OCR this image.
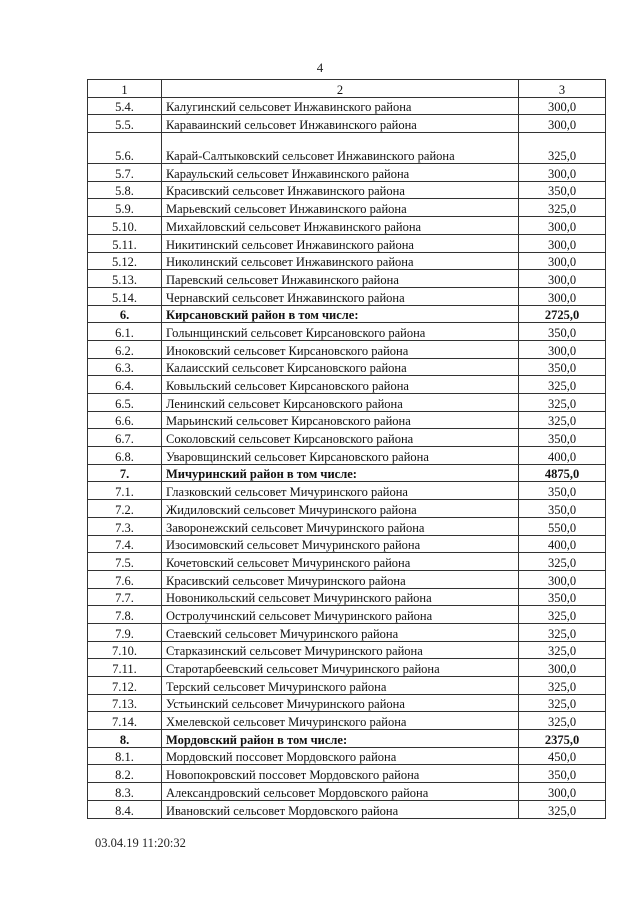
4
1	2	3
5.4.	Калугинский сельсовет Инжавинского района	300,0
5.5.	Караваинский сельсовет Инжавинского района	300,0
5.6.	Карай-Салтыковский сельсовет Инжавинского района	325,0
5.7.	Караульский сельсовет Инжавинского района	300,0
5.8.	Красивский сельсовет Инжавинского района	350,0
5.9.	Марьевский сельсовет Инжавинского района	325,0
5.10.	Михайловский сельсовет Инжавинского района	300,0
5.11.	Никитинский сельсовет Инжавинского района	300,0
5.12.	Николинский сельсовет Инжавинского района	300,0
5.13.	Паревский сельсовет Инжавинского района	300,0
5.14.	Чернавский сельсовет Инжавинского района	300,0
6.	Кирсановский район в том числе:	2725,0
6.1.	Голынщинский сельсовет Кирсановского района	350,0
6.2.	Иноковский сельсовет Кирсановского района	300,0
6.3.	Калаисский сельсовет Кирсановского района	350,0
6.4.	Ковыльский сельсовет Кирсановского района	325,0
6.5.	Ленинский сельсовет Кирсановского района	325,0
6.6.	Марьинский сельсовет Кирсановского района	325,0
6.7.	Соколовский сельсовет Кирсановского района	350,0
6.8.	Уваровщинский сельсовет Кирсановского района	400,0
7.	Мичуринский район в том числе:	4875,0
7.1.	Глазковский сельсовет Мичуринского района	350,0
7.2.	Жидиловский сельсовет Мичуринского района	350,0
7.3.	Заворонежский сельсовет Мичуринского района	550,0
7.4.	Изосимовский сельсовет Мичуринского района	400,0
7.5.	Кочетовский сельсовет Мичуринского района	325,0
7.6.	Красивский сельсовет Мичуринского района	300,0
7.7.	Новоникольский сельсовет Мичуринского района	350,0
7.8.	Остролучинский сельсовет Мичуринского района	325,0
7.9.	Стаевский сельсовет Мичуринского района	325,0
7.10.	Старказинский сельсовет Мичуринского района	325,0
7.11.	Старотарбеевский сельсовет Мичуринского района	300,0
7.12.	Терский сельсовет Мичуринского района	325,0
7.13.	Устьинский сельсовет Мичуринского района	325,0
7.14.	Хмелевской сельсовет Мичуринского района	325,0
8.	Мордовский район в том числе:	2375,0
8.1.	Мордовский поссовет Мордовского района	450,0
8.2.	Новопокровский поссовет Мордовского района	350,0
8.3.	Александровский сельсовет Мордовского района	300,0
8.4.	Ивановский сельсовет Мордовского района	325,0
03.04.19 11:20:32
